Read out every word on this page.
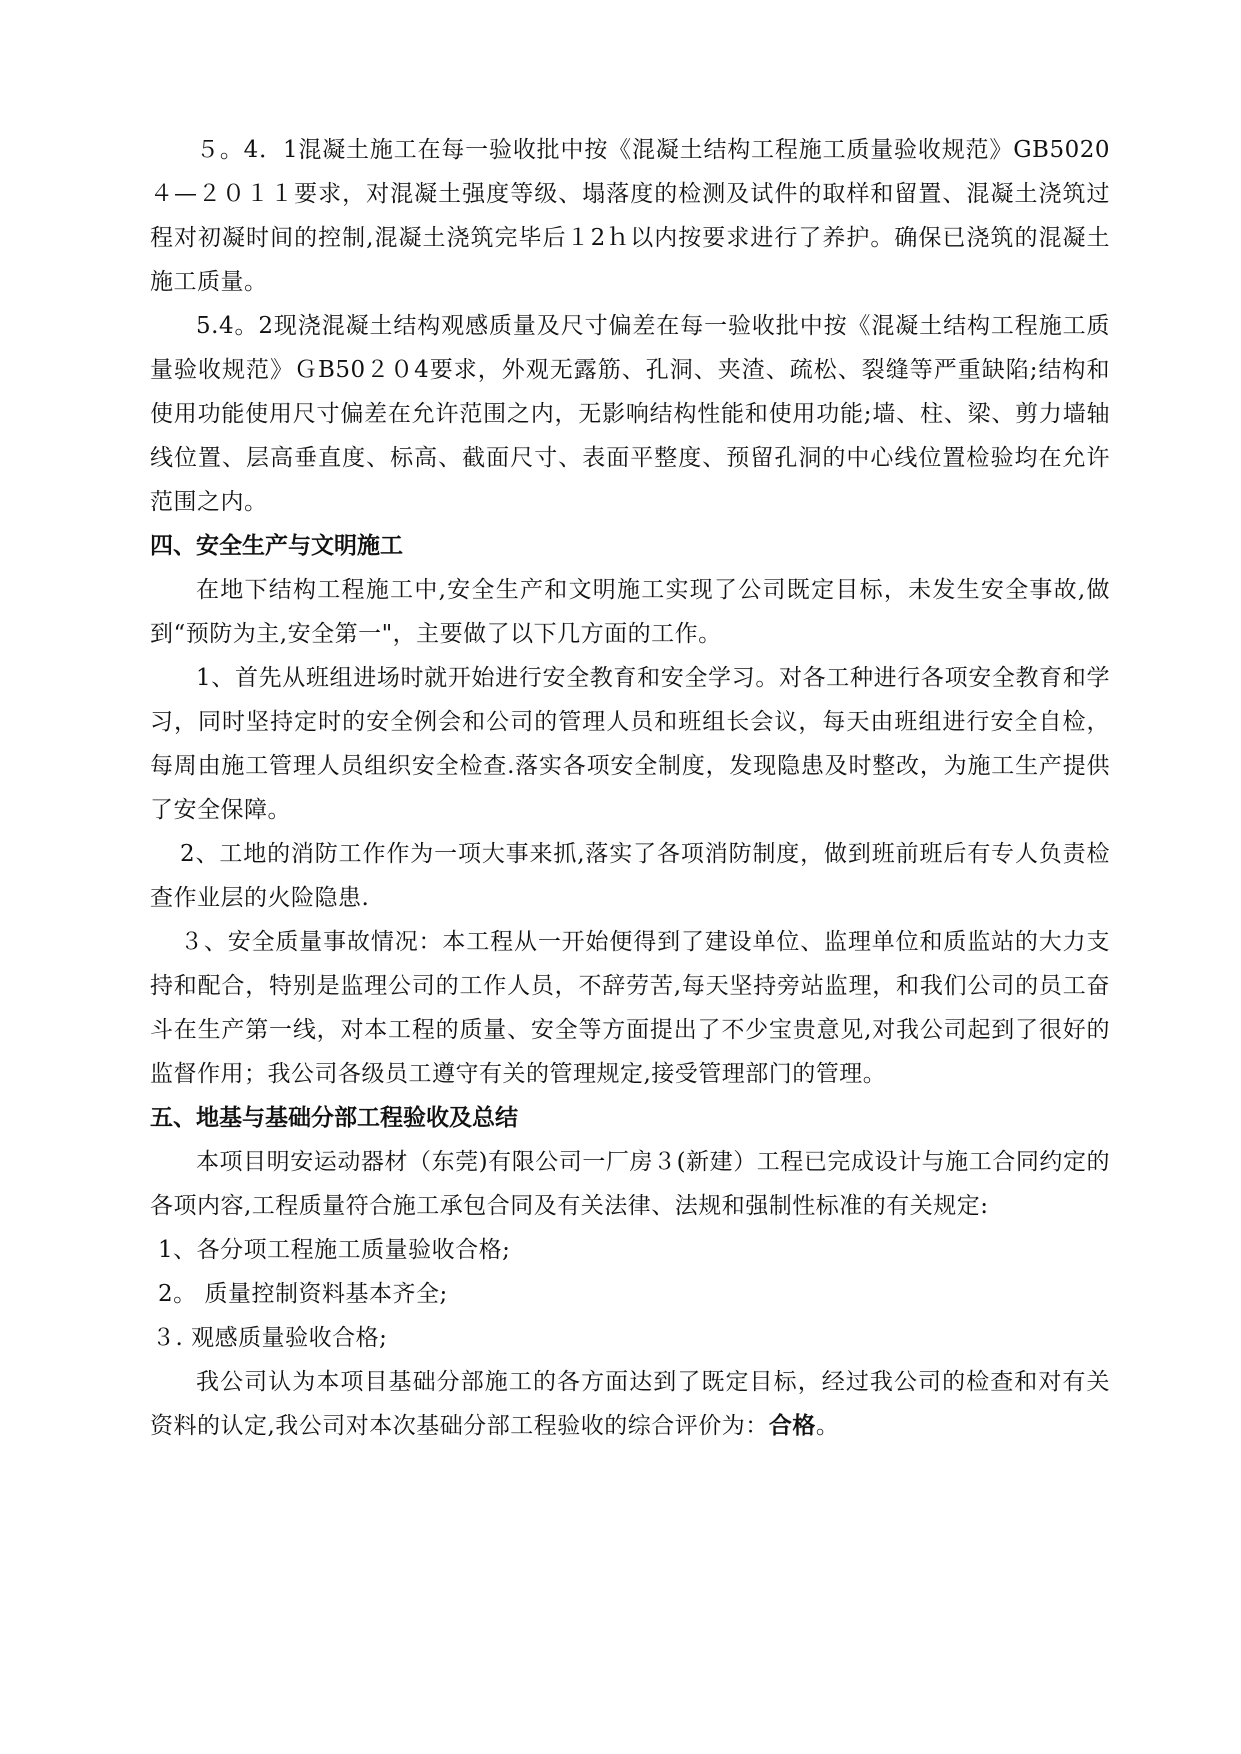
５。4．1混凝土施工在每一验收批中按《混凝土结构工程施工质量验收规范》GB5020４—２０１１要求，对混凝土强度等级、塌落度的检测及试件的取样和留置、混凝土浇筑过程对初凝时间的控制,混凝土浇筑完毕后１2ｈ以内按要求进行了养护。确保已浇筑的混凝土施工质量。

5.4。2现浇混凝土结构观感质量及尺寸偏差在每一验收批中按《混凝土结构工程施工质量验收规范》ＧB50２０4要求，外观无露筋、孔洞、夹渣、疏松、裂缝等严重缺陷;结构和使用功能使用尺寸偏差在允许范围之内，无影响结构性能和使用功能;墙、柱、梁、剪力墙轴线位置、层高垂直度、标高、截面尺寸、表面平整度、预留孔洞的中心线位置检验均在允许范围之内。

四、安全生产与文明施工

在地下结构工程施工中,安全生产和文明施工实现了公司既定目标，未发生安全事故,做到“预防为主,安全第一"，主要做了以下几方面的工作。

1、首先从班组进场时就开始进行安全教育和安全学习。对各工种进行各项安全教育和学习，同时坚持定时的安全例会和公司的管理人员和班组长会议，每天由班组进行安全自检，每周由施工管理人员组织安全检查.落实各项安全制度，发现隐患及时整改，为施工生产提供了安全保障。

2、工地的消防工作作为一项大事来抓,落实了各项消防制度，做到班前班后有专人负责检查作业层的火险隐患.

３、安全质量事故情况：本工程从一开始便得到了建设单位、监理单位和质监站的大力支持和配合，特别是监理公司的工作人员，不辞劳苦,每天坚持旁站监理，和我们公司的员工奋斗在生产第一线，对本工程的质量、安全等方面提出了不少宝贵意见,对我公司起到了很好的监督作用；我公司各级员工遵守有关的管理规定,接受管理部门的管理。

五、地基与基础分部工程验收及总结

本项目明安运动器材（东莞)有限公司一厂房３(新建）工程已完成设计与施工合同约定的各项内容,工程质量符合施工承包合同及有关法律、法规和强制性标准的有关规定:

1、各分项工程施工质量验收合格;

2。 质量控制资料基本齐全;

３. 观感质量验收合格;

我公司认为本项目基础分部施工的各方面达到了既定目标，经过我公司的检查和对有关资料的认定,我公司对本次基础分部工程验收的综合评价为：合格。
